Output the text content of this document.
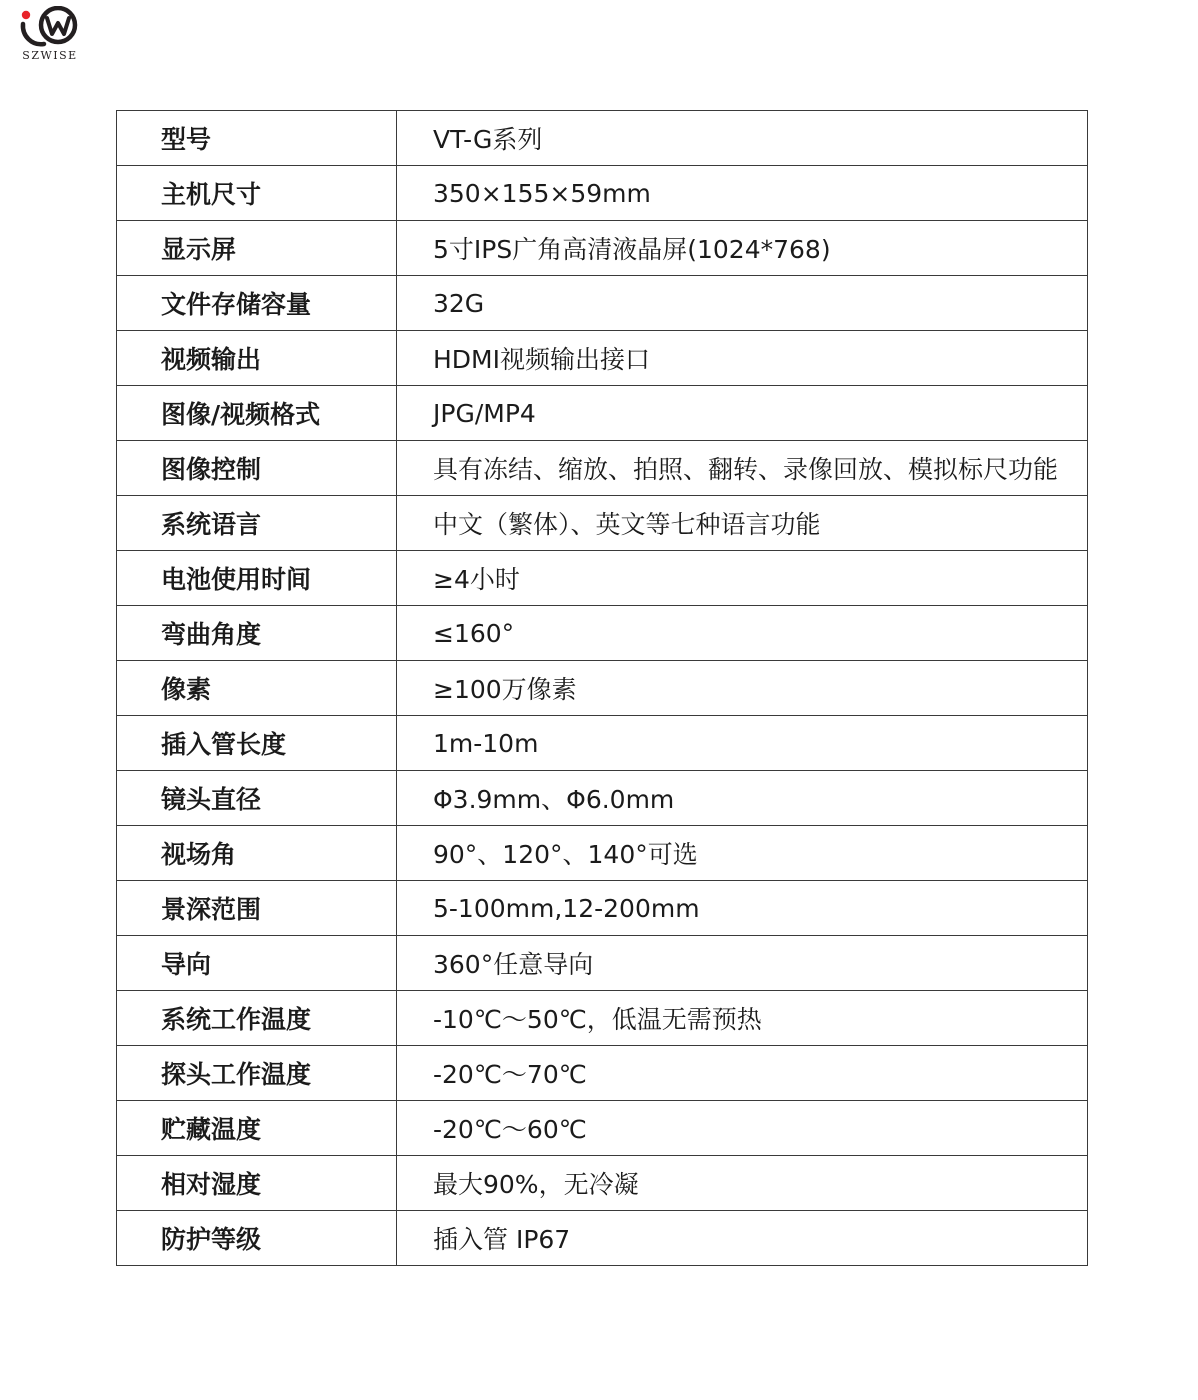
SZWISE
型号	VT-G系列
主机尺寸	350×155×59mm
显示屏	5寸IPS广角高清液晶屏(1024*768)
文件存储容量	32G
视频输出	HDMI视频输出接口
图像/视频格式	JPG/MP4
图像控制	具有冻结、缩放、拍照、翻转、录像回放、模拟标尺功能
系统语言	中文（繁体）、英文等七种语言功能
电池使用时间	≥4小时
弯曲角度	≤160°
像素	≥100万像素
插入管长度	1m-10m
镜头直径	Φ3.9mm、Φ6.0mm
视场角	90°、120°、140°可选
景深范围	5-100mm,12-200mm
导向	360°任意导向
系统工作温度	-10℃～50℃，低温无需预热
探头工作温度	-20℃～70℃
贮藏温度	-20℃～60℃
相对湿度	最大90%，无冷凝
防护等级	插入管 IP67
